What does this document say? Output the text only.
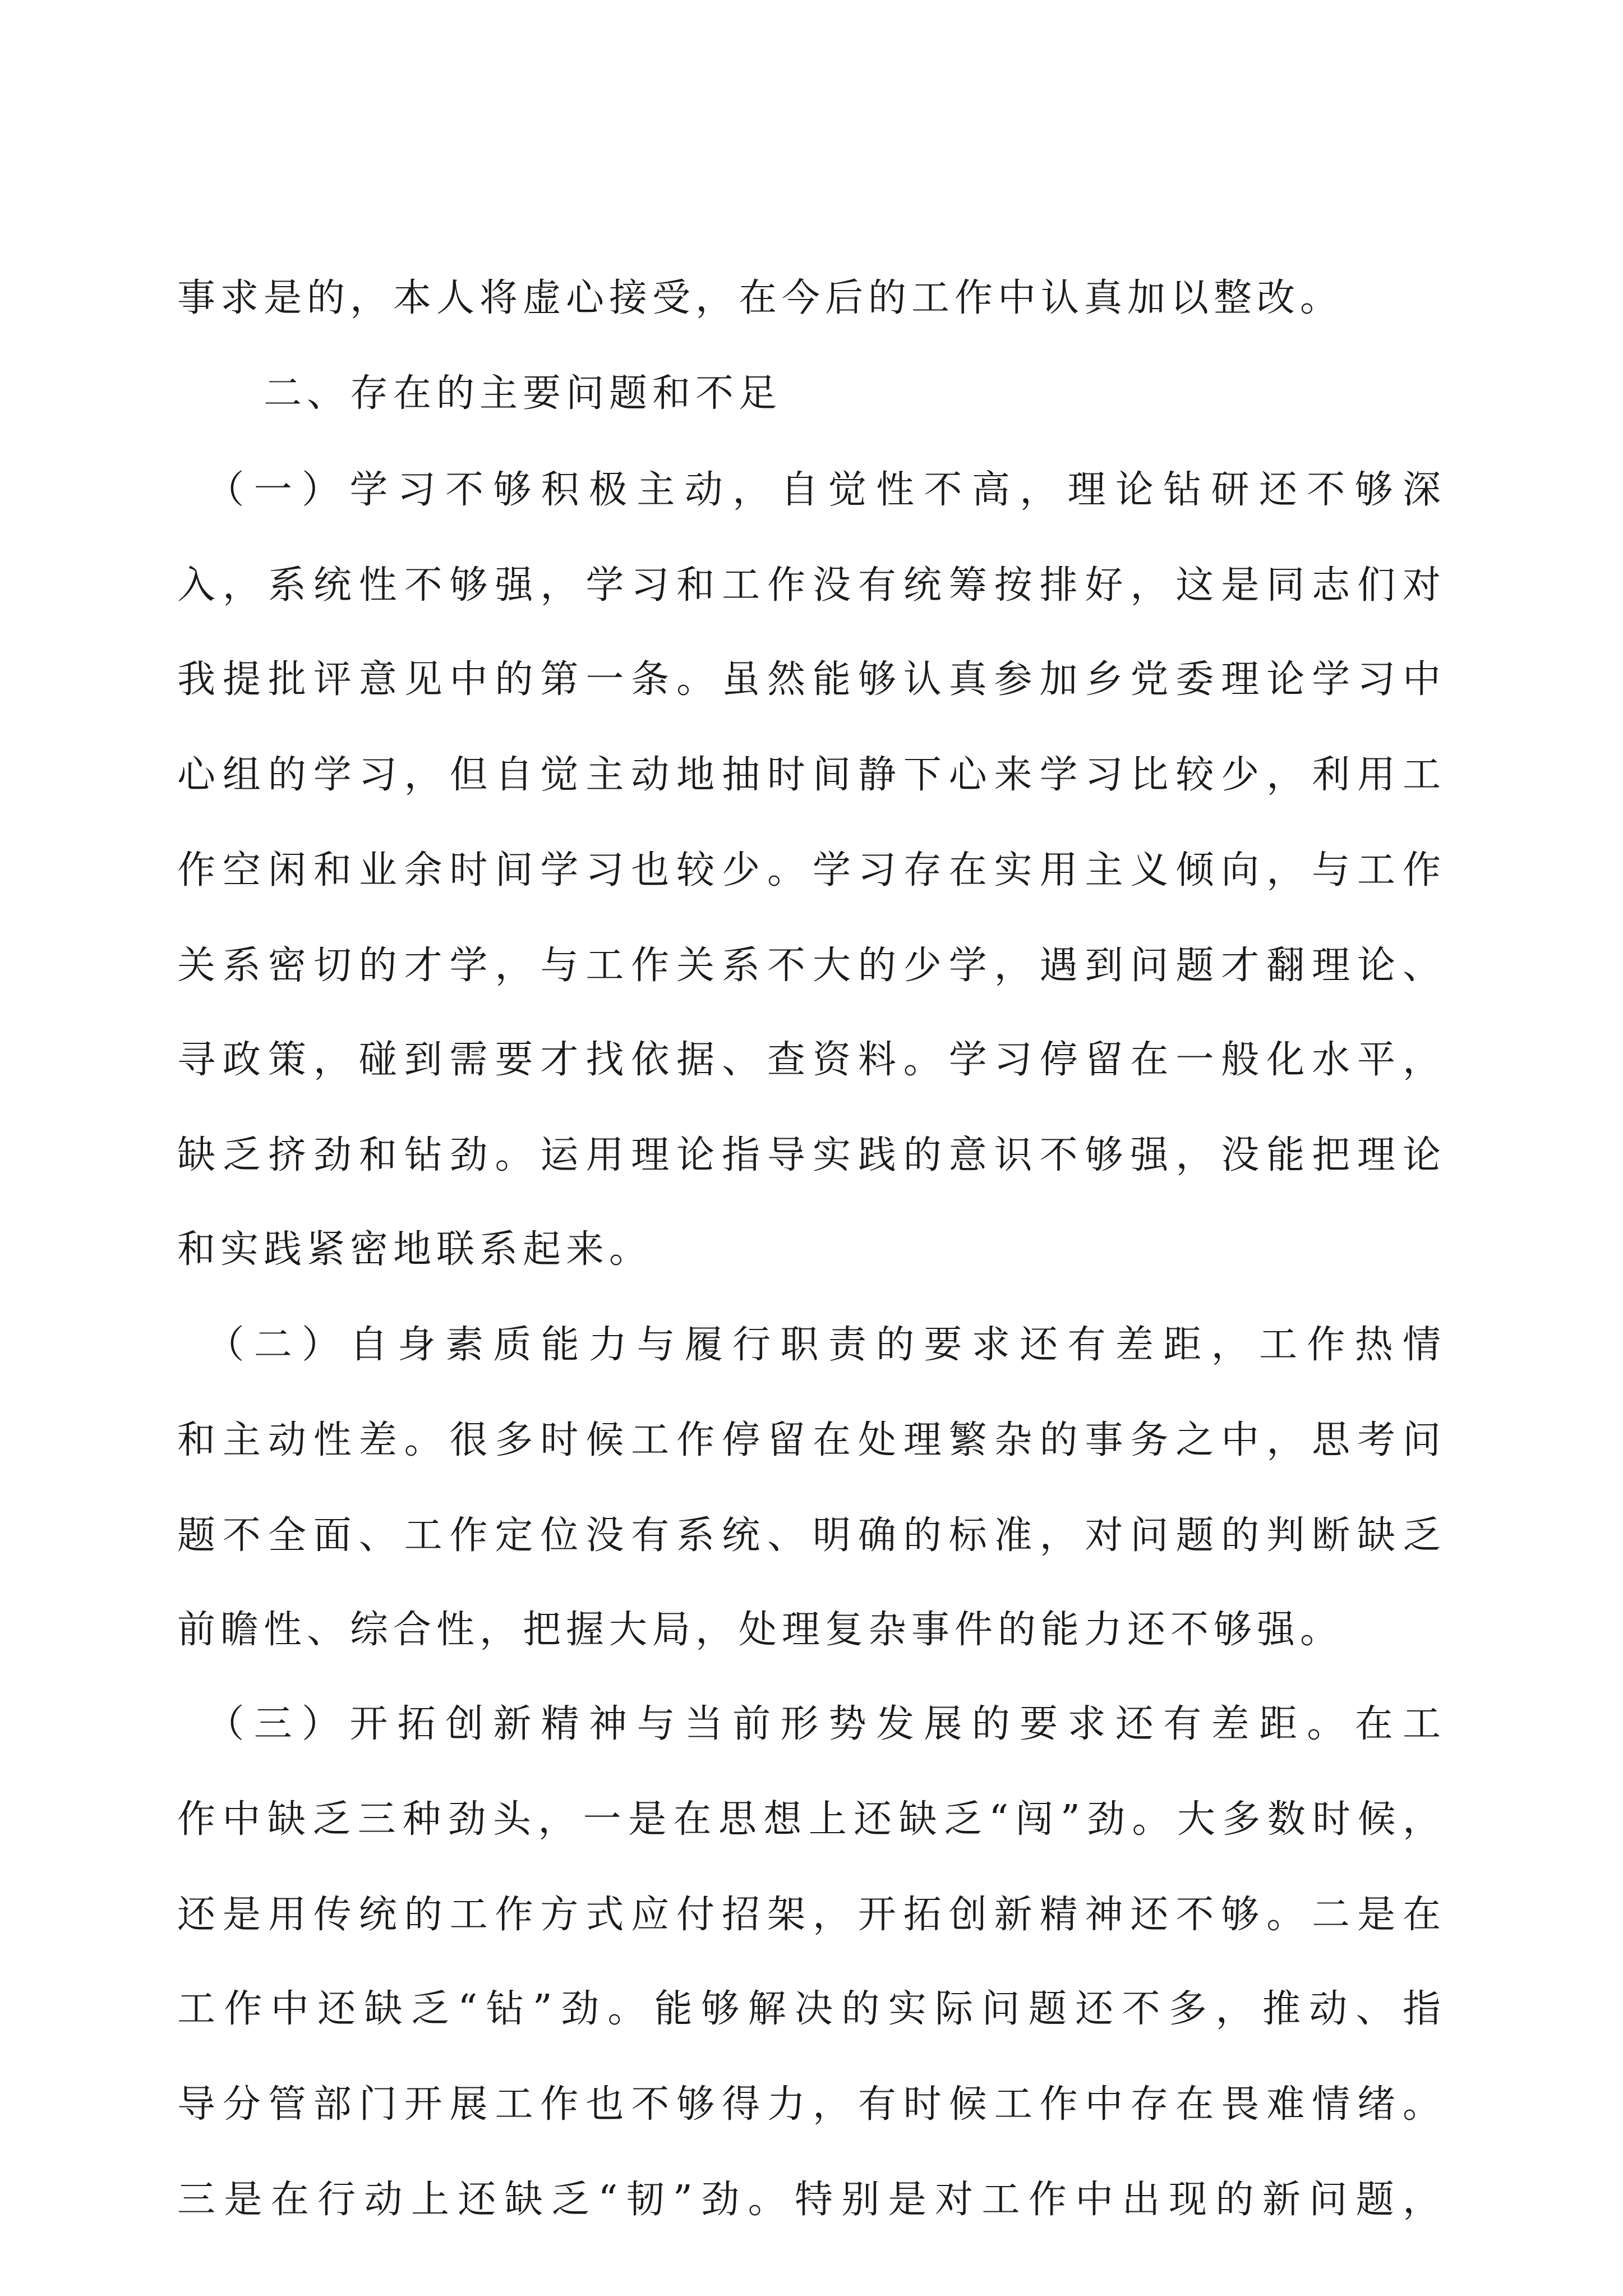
事求是的，本人将虚心接受，在今后的工作中认真加以整改。
　　二、存在的主要问题和不足
　（一）学习不够积极主动，自觉性不高，理论钻研还不够深
入，系统性不够强，学习和工作没有统筹按排好，这是同志们对
我提批评意见中的第一条。虽然能够认真参加乡党委理论学习中
心组的学习，但自觉主动地抽时间静下心来学习比较少，利用工
作空闲和业余时间学习也较少。学习存在实用主义倾向，与工作
关系密切的才学，与工作关系不大的少学，遇到问题才翻理论、
寻政策，碰到需要才找依据、查资料。学习停留在一般化水平，
缺乏挤劲和钻劲。运用理论指导实践的意识不够强，没能把理论
和实践紧密地联系起来。
　（二）自身素质能力与履行职责的要求还有差距，工作热情
和主动性差。很多时候工作停留在处理繁杂的事务之中，思考问
题不全面、工作定位没有系统、明确的标准，对问题的判断缺乏
前瞻性、综合性，把握大局，处理复杂事件的能力还不够强。
　（三）开拓创新精神与当前形势发展的要求还有差距。在工
作中缺乏三种劲头，一是在思想上还缺乏“闯”劲。大多数时候，
还是用传统的工作方式应付招架，开拓创新精神还不够。二是在
工作中还缺乏“钻”劲。能够解决的实际问题还不多，推动、指
导分管部门开展工作也不够得力，有时候工作中存在畏难情绪。
三是在行动上还缺乏“韧”劲。特别是对工作中出现的新问题，
